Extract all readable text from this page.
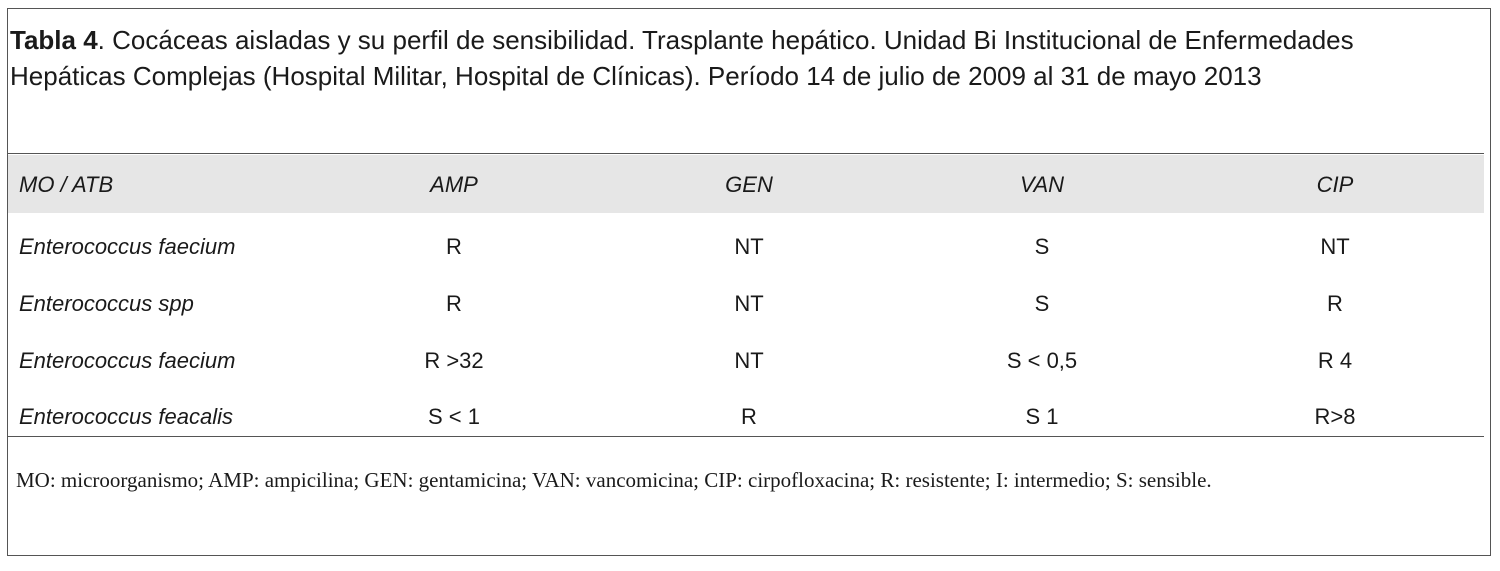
Tabla 4. Cocáceas aisladas y su perfil de sensibilidad. Trasplante hepático. Unidad Bi Institucional de Enfermedades Hepáticas Complejas (Hospital Militar, Hospital de Clínicas). Período 14 de julio de 2009 al 31 de mayo 2013
MO / ATB	AMP	GEN	VAN	CIP
Enterococcus faecium	R	NT	S	NT
Enterococcus spp	R	NT	S	R
Enterococcus faecium	R >32	NT	S < 0,5	R 4
Enterococcus feacalis	S < 1	R	S 1	R>8
MO: microorganismo; AMP: ampicilina; GEN: gentamicina; VAN: vancomicina; CIP: cirpofloxacina; R: resistente; I: intermedio; S: sensible.
